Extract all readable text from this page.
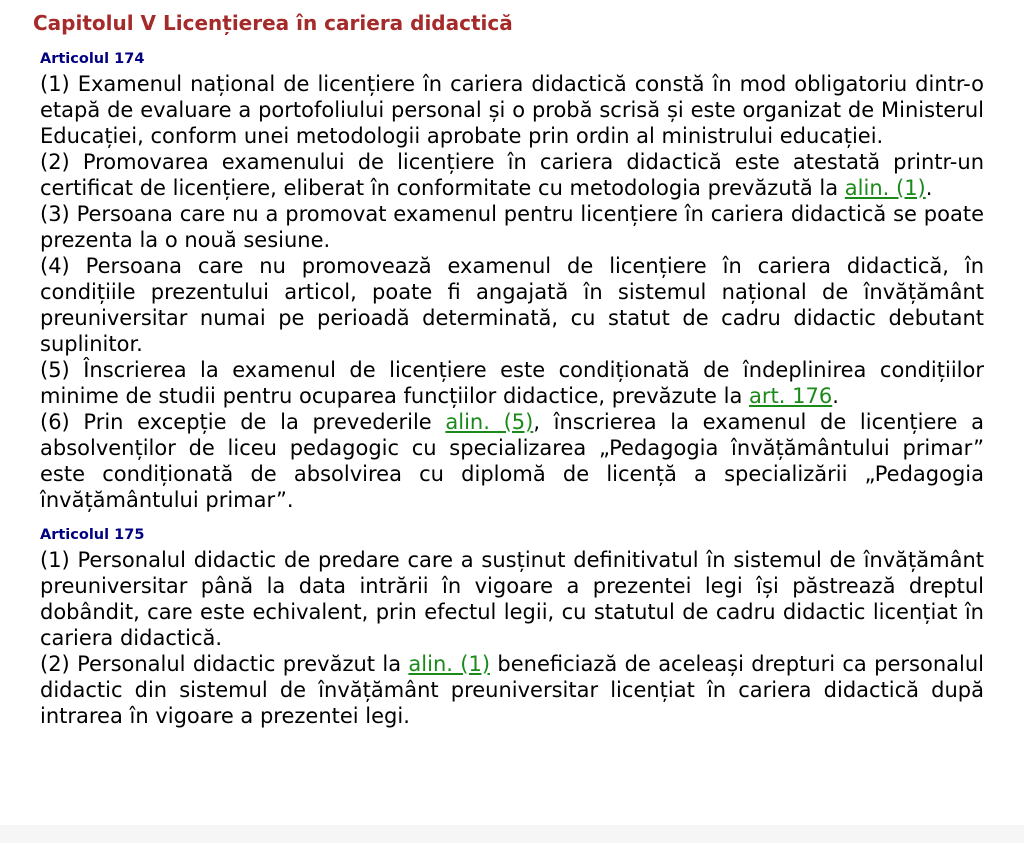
Capitolul V Licențierea în cariera didactică
Articolul 174

(1) Examenul național de licențiere în cariera didactică constă în mod obligatoriu dintr-o etapă de evaluare a portofoliului personal și o probă scrisă și este organizat de Ministerul Educației, conform unei metodologii aprobate prin ordin al ministrului educației.

(2) Promovarea examenului de licențiere în cariera didactică este atestată printr-un certificat de licențiere, eliberat în conformitate cu metodologia prevăzută la alin. (1).

(3) Persoana care nu a promovat examenul pentru licențiere în cariera didactică se poate prezenta la o nouă sesiune.

(4) Persoana care nu promovează examenul de licențiere în cariera didactică, în condițiile prezentului articol, poate fi angajată în sistemul național de învățământ preuniversitar numai pe perioadă determinată, cu statut de cadru didactic debutant suplinitor.

(5) Înscrierea la examenul de licențiere este condiționată de îndeplinirea condițiilor minime de studii pentru ocuparea funcțiilor didactice, prevăzute la art. 176.

(6) Prin excepție de la prevederile alin. (5), înscrierea la examenul de licențiere a absolvenților de liceu pedagogic cu specializarea „Pedagogia învățământului primar” este condiționată de absolvirea cu diplomă de licență a specializării „Pedagogia învățământului primar”.

Articolul 175

(1) Personalul didactic de predare care a susținut definitivatul în sistemul de învățământ preuniversitar până la data intrării în vigoare a prezentei legi își păstrează dreptul dobândit, care este echivalent, prin efectul legii, cu statutul de cadru didactic licențiat în cariera didactică.

(2) Personalul didactic prevăzut la alin. (1) beneficiază de aceleași drepturi ca personalul didactic din sistemul de învățământ preuniversitar licențiat în cariera didactică după intrarea în vigoare a prezentei legi.
